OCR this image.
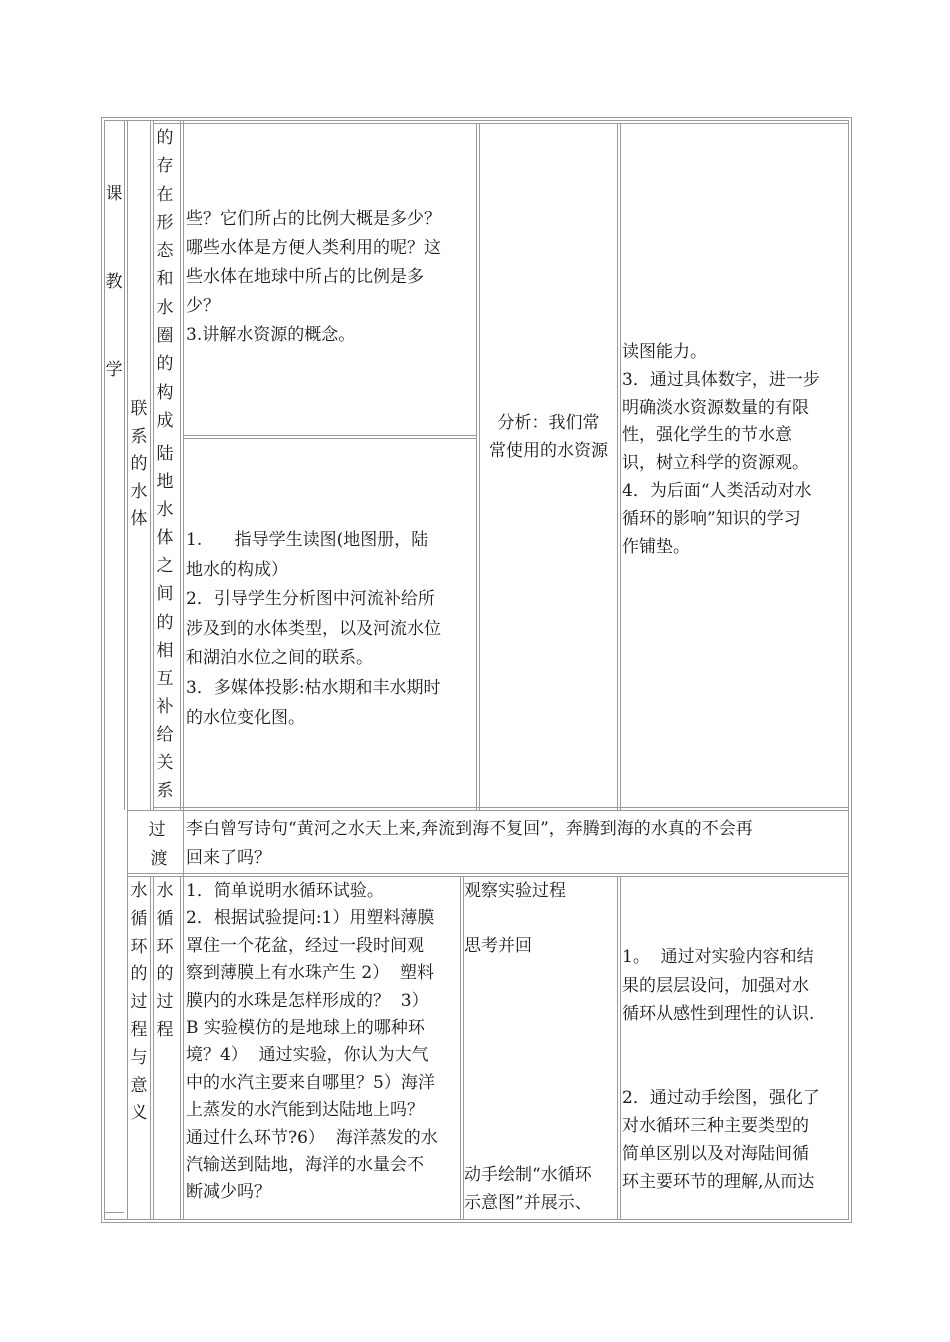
课教学
联系的水体
的存在形态和水圈的构成
陆地水体之间的相互补给关系
些？它们所占的比例大概是多少？
哪些水体是方便人类利用的呢？这
些水体在地球中所占的比例是多
少？
3.讲解水资源的概念。
1.      指导学生读图(地图册，陆
地水的构成）
2．引导学生分析图中河流补给所
涉及到的水体类型，以及河流水位
和湖泊水位之间的联系。
3．多媒体投影:枯水期和丰水期时
的水位变化图。
分析：我们常
常使用的水资源
读图能力。
3．通过具体数字，进一步
明确淡水资源数量的有限
性，强化学生的节水意
识，树立科学的资源观。
4．为后面“人类活动对水
循环的影响”知识的学习
作铺垫。
过
渡
李白曾写诗句“黄河之水天上来,奔流到海不复回”，奔腾到海的水真的不会再
回来了吗？
水循环的过程与意义
水循环的过程
1．简单说明水循环试验。
2．根据试验提问:1）用塑料薄膜
罩住一个花盆，经过一段时间观
察到薄膜上有水珠产生 2）  塑料
膜内的水珠是怎样形成的？  3）
B 实验模仿的是地球上的哪种环
境？4）  通过实验，你认为大气
中的水汽主要来自哪里？5）海洋
上蒸发的水汽能到达陆地上吗？
通过什么环节?6）  海洋蒸发的水
汽输送到陆地，海洋的水量会不
断减少吗？
观察实验过程
思考并回
动手绘制“水循环
示意图”并展示、
1。  通过对实验内容和结
果的层层设问，加强对水
循环从感性到理性的认识.
2．通过动手绘图，强化了
对水循环三种主要类型的
简单区别以及对海陆间循
环主要环节的理解,从而达
